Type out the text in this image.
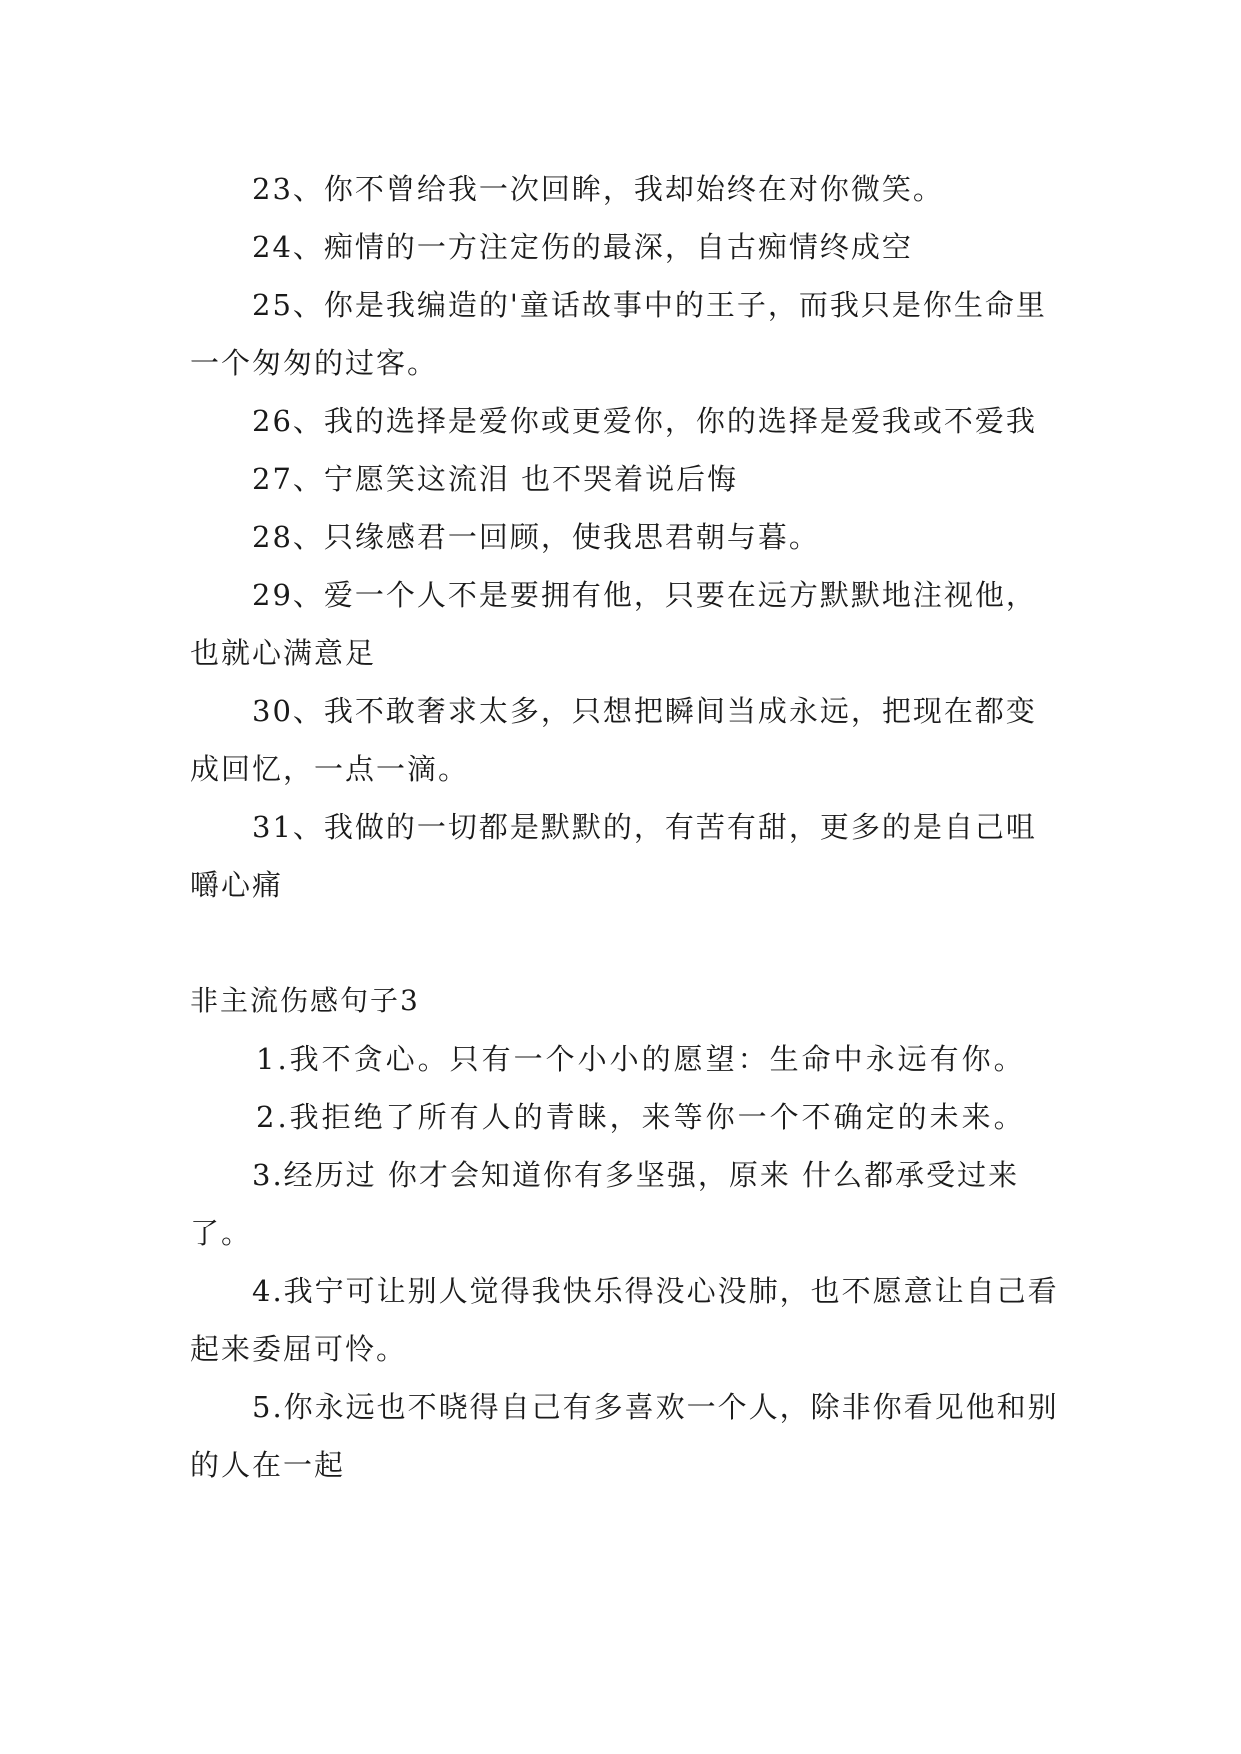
23、你不曾给我一次回眸，我却始终在对你微笑。

24、痴情的一方注定伤的最深，自古痴情终成空

25、你是我编造的'童话故事中的王子，而我只是你生命里一个匆匆的过客。

26、我的选择是爱你或更爱你，你的选择是爱我或不爱我

27、宁愿笑这流泪 也不哭着说后悔

28、只缘感君一回顾，使我思君朝与暮。

29、爱一个人不是要拥有他，只要在远方默默地注视他，也就心满意足

30、我不敢奢求太多，只想把瞬间当成永远，把现在都变成回忆，一点一滴。

31、我做的一切都是默默的，有苦有甜，更多的是自己咀嚼心痛

非主流伤感句子3

1.我不贪心。只有一个小小的愿望：生命中永远有你。

2.我拒绝了所有人的青睐，来等你一个不确定的未来。

3.经历过 你才会知道你有多坚强，原来 什么都承受过来了。

4.我宁可让别人觉得我快乐得没心没肺，也不愿意让自己看起来委屈可怜。

5.你永远也不晓得自己有多喜欢一个人，除非你看见他和别的人在一起
